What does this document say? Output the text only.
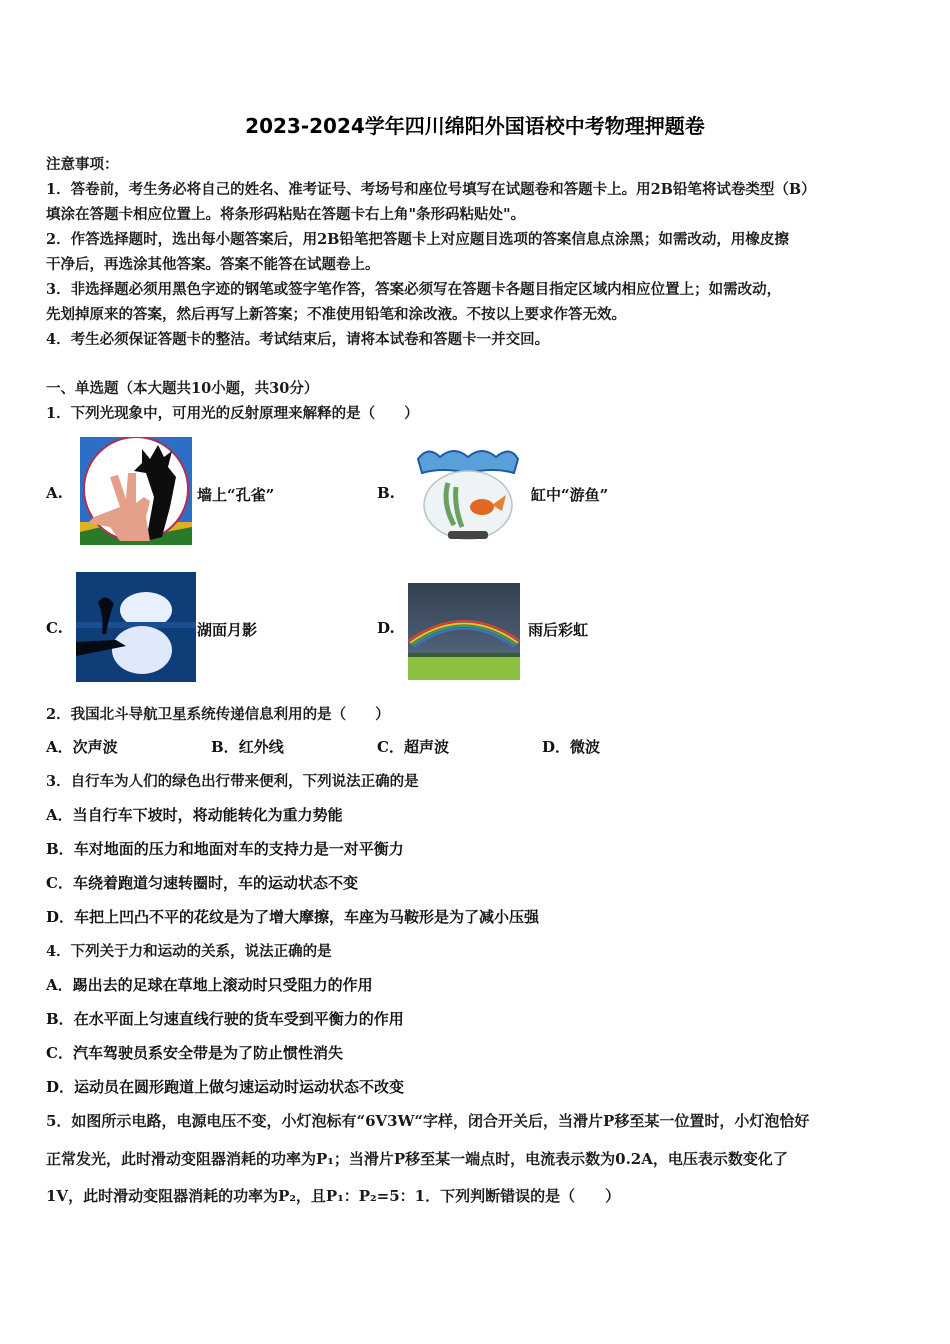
2023-2024学年四川绵阳外国语校中考物理押题卷
注意事项：
1．答卷前，考生务必将自己的姓名、准考证号、考场号和座位号填写在试题卷和答题卡上。用2B铅笔将试卷类型（B）
填涂在答题卡相应位置上。将条形码粘贴在答题卡右上角"条形码粘贴处"。
2．作答选择题时，选出每小题答案后，用2B铅笔把答题卡上对应题目选项的答案信息点涂黑；如需改动，用橡皮擦
干净后，再选涂其他答案。答案不能答在试题卷上。
3．非选择题必须用黑色字迹的钢笔或签字笔作答，答案必须写在答题卡各题目指定区域内相应位置上；如需改动，
先划掉原来的答案，然后再写上新答案；不准使用铅笔和涂改液。不按以上要求作答无效。
4．考生必须保证答题卡的整洁。考试结束后，请将本试卷和答题卡一并交回。
一、单选题（本大题共10小题，共30分）
1．下列光现象中，可用光的反射原理来解释的是（　　）
A.	墙上“孔雀”	B.	缸中“游鱼”
C.	湖面月影	D.	雨后彩虹
2．我国北斗导航卫星系统传递信息利用的是（　　）
A．次声波	B．红外线	C．超声波	D．微波
3．自行车为人们的绿色出行带来便利，下列说法正确的是
A．当自行车下坡时，将动能转化为重力势能
B．车对地面的压力和地面对车的支持力是一对平衡力
C．车绕着跑道匀速转圈时，车的运动状态不变
D．车把上凹凸不平的花纹是为了增大摩擦，车座为马鞍形是为了减小压强
4．下列关于力和运动的关系，说法正确的是
A．踢出去的足球在草地上滚动时只受阻力的作用
B．在水平面上匀速直线行驶的货车受到平衡力的作用
C．汽车驾驶员系安全带是为了防止惯性消失
D．运动员在圆形跑道上做匀速运动时运动状态不改变
5．如图所示电路，电源电压不变，小灯泡标有“6V3W“字样，闭合开关后，当滑片P移至某一位置时，小灯泡恰好
正常发光，此时滑动变阻器消耗的功率为P₁；当滑片P移至某一端点时，电流表示数为0.2A，电压表示数变化了
1V，此时滑动变阻器消耗的功率为P₂，且P₁：P₂=5：1．下列判断错误的是（　　）
